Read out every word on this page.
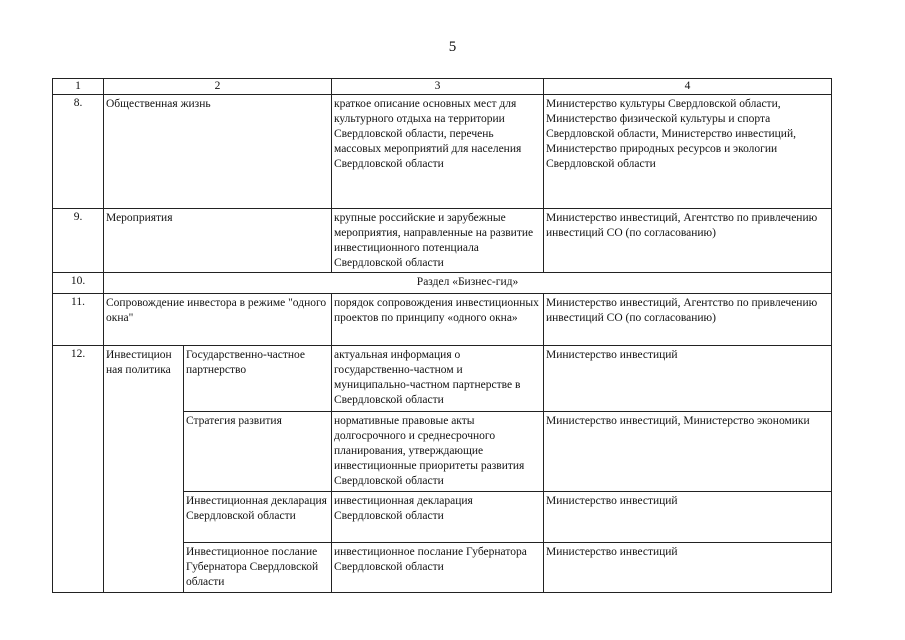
5
1	2		3	4
8.	Общественная жизнь		краткое описание основных мест для культурного отдыха на территории Свердловской области, перечень массовых мероприятий для населения Свердловской области	Министерство культуры Свердловской области, Министерство физической культуры и спорта Свердловской области, Министерство инвестиций, Министерство природных ресурсов и экологии Свердловской области
9.	Мероприятия		крупные российские и зарубежные мероприятия, направленные на развитие инвестиционного потенциала Свердловской области	Министерство инвестиций, Агентство по привлечению инвестиций СО (по согласованию)
10.	Раздел «Бизнес-гид»			
11.	Сопровождение инвестора в режиме "одного окна"		порядок сопровождения инвестиционных проектов по принципу «одного окна»	Министерство инвестиций, Агентство по привлечению инвестиций СО (по согласованию)
12.	Инвестицион ная политика	Государственно-частное партнерство	актуальная информация о государственно-частном и муниципально-частном партнерстве в Свердловской области	Министерство инвестиций
		Стратегия развития	нормативные правовые акты долгосрочного и среднесрочного планирования, утверждающие инвестиционные приоритеты развития Свердловской области	Министерство инвестиций, Министерство экономики
		Инвестиционная декларация Свердловской области	инвестиционная декларация Свердловской области	Министерство инвестиций
		Инвестиционное послание Губернатора Свердловской области	инвестиционное послание Губернатора Свердловской области	Министерство инвестиций
